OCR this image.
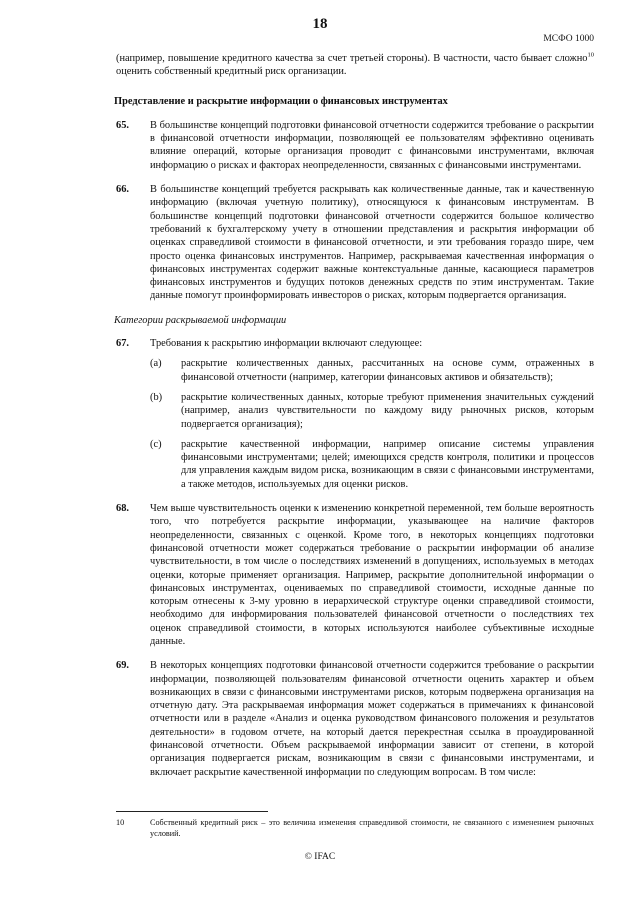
18
МСФО 1000

(например, повышение кредитного качества за счет третьей стороны). В частности, часто бывает сложно$^{10}$ оценить собственный кредитный риск организации.

Представление и раскрытие информации о финансовых инструментах
65.	В большинстве концепций подготовки финансовой отчетности содержится требование о раскрытии в финансовой отчетности информации, позволяющей ее пользователям эффективно оценивать влияние операций, которые организация проводит с финансовыми инструментами, включая информацию о рисках и факторах неопределенности, связанных с финансовыми инструментами.
66.	В большинстве концепций требуется раскрывать как количественные данные, так и качественную информацию (включая учетную политику), относящуюся к финансовым инструментам. В большинстве концепций подготовки финансовой отчетности содержится большое количество требований к бухгалтерскому учету в отношении представления и раскрытия информации об оценках справедливой стоимости в финансовой отчетности, и эти требования гораздо шире, чем просто оценка финансовых инструментов. Например, раскрываемая качественная информация о финансовых инструментах содержит важные контекстуальные данные, касающиеся параметров финансовых инструментов и будущих потоков денежных средств по этим инструментам. Такие данные помогут проинформировать инвесторов о рисках, которым подвергается организация.
Категории раскрываемой информации
67.	Требования к раскрытию информации включают следующее:
(a)	раскрытие количественных данных, рассчитанных на основе сумм, отраженных в финансовой отчетности (например, категории финансовых активов и обязательств);
(b)	раскрытие количественных данных, которые требуют применения значительных суждений (например, анализ чувствительности по каждому виду рыночных рисков, которым подвергается организация);
(c)	раскрытие качественной информации, например описание системы управления финансовыми инструментами; целей; имеющихся средств контроля, политики и процессов для управления каждым видом риска, возникающим в связи с финансовыми инструментами, а также методов, используемых для оценки рисков.
68.	Чем выше чувствительность оценки к изменению конкретной переменной, тем больше вероятность того, что потребуется раскрытие информации, указывающее на наличие факторов неопределенности, связанных с оценкой. Кроме того, в некоторых концепциях подготовки финансовой отчетности может содержаться требование о раскрытии информации об анализе чувствительности, в том числе о последствиях изменений в допущениях, используемых в методах оценки, которые применяет организация. Например, раскрытие дополнительной информации о финансовых инструментах, оцениваемых по справедливой стоимости, исходные данные по которым отнесены к 3-му уровню в иерархической структуре оценки справедливой стоимости, необходимо для информирования пользователей финансовой отчетности о последствиях тех оценок справедливой стоимости, в которых используются наиболее субъективные исходные данные.
69.	В некоторых концепциях подготовки финансовой отчетности содержится требование о раскрытии информации, позволяющей пользователям финансовой отчетности оценить характер и объем возникающих в связи с финансовыми инструментами рисков, которым подвержена организация на отчетную дату. Эта раскрываемая информация может содержаться в примечаниях к финансовой отчетности или в разделе «Анализ и оценка руководством финансового положения и результатов деятельности» в годовом отчете, на который дается перекрестная ссылка в проаудированной финансовой отчетности. Объем раскрываемой информации зависит от степени, в которой организация подвергается рискам, возникающим в связи с финансовыми инструментами, и включает раскрытие качественной информации по следующим вопросам. В том числе:
10	Собственный кредитный риск – это величина изменения справедливой стоимости, не связанного с изменением рыночных условий.
© IFAC
